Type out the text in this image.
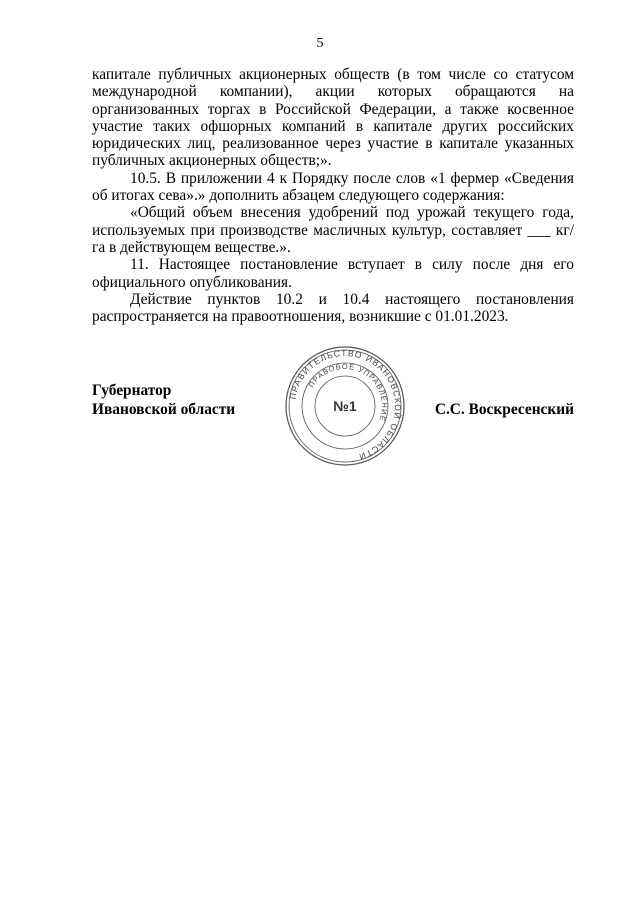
5

капитале публичных акционерных обществ (в том числе со статусом международной компании), акции которых обращаются на организованных торгах в Российской Федерации, а также косвенное участие таких офшорных компаний в капитале других российских юридических лиц, реализованное через участие в капитале указанных публичных акционерных обществ;».

10.5. В приложении 4 к Порядку после слов «1 фермер «Сведения об итогах сева».» дополнить абзацем следующего содержания:

«Общий объем внесения удобрений под урожай текущего года, используемых при производстве масличных культур, составляет ___ кг/га в действующем веществе.».

11. Настоящее постановление вступает в силу после дня его официального опубликования.

Действие пунктов 10.2 и 10.4 настоящего постановления распространяется на правоотношения, возникшие с 01.01.2023.

Губернатор
Ивановской области
ПРАВИТЕЛЬСТВО ИВАНОВСКОЙ ОБЛАСТИ
ПРАВОВОЕ УПРАВЛЕНИЕ
№1	С.С. Воскресенский
